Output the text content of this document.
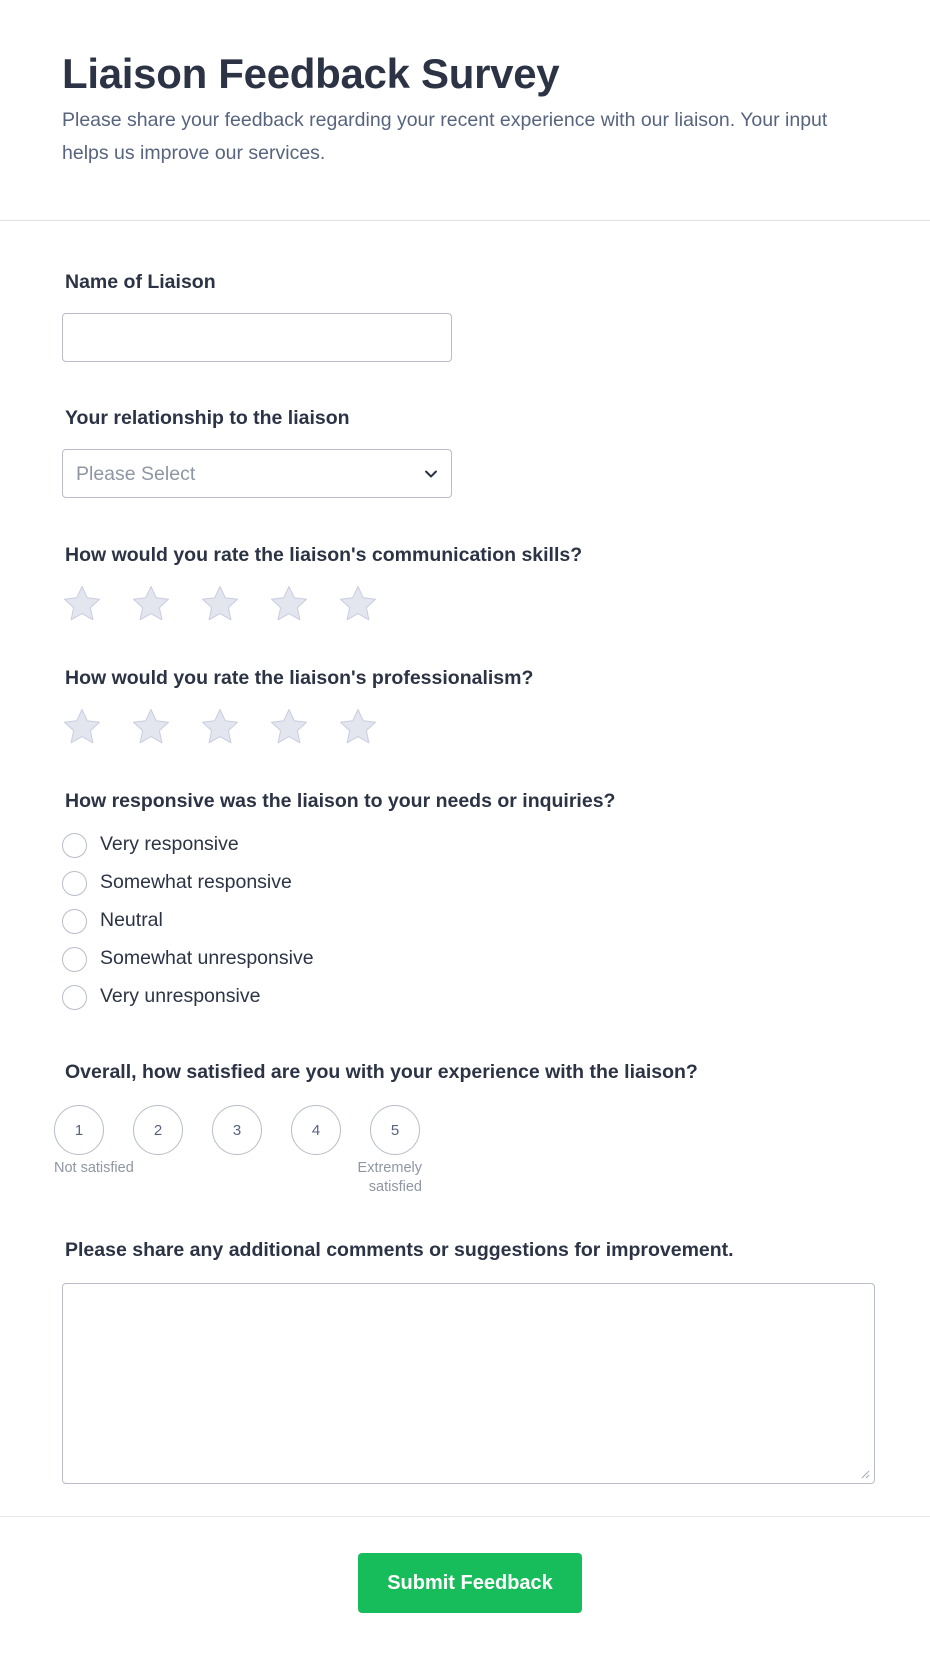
Liaison Feedback Survey

Please share your feedback regarding your recent experience with our liaison. Your input helps us improve our services.

Name of Liaison
Your relationship to the liaison
Please Select
How would you rate the liaison's communication skills?
How would you rate the liaison's professionalism?
How responsive was the liaison to your needs or inquiries?
Very responsive
Somewhat responsive
Neutral
Somewhat unresponsive
Very unresponsive
Overall, how satisfied are you with your experience with the liaison?
1	2	3	4	5
Not satisfied	Extremely
satisfied
Please share any additional comments or suggestions for improvement.
Submit Feedback
